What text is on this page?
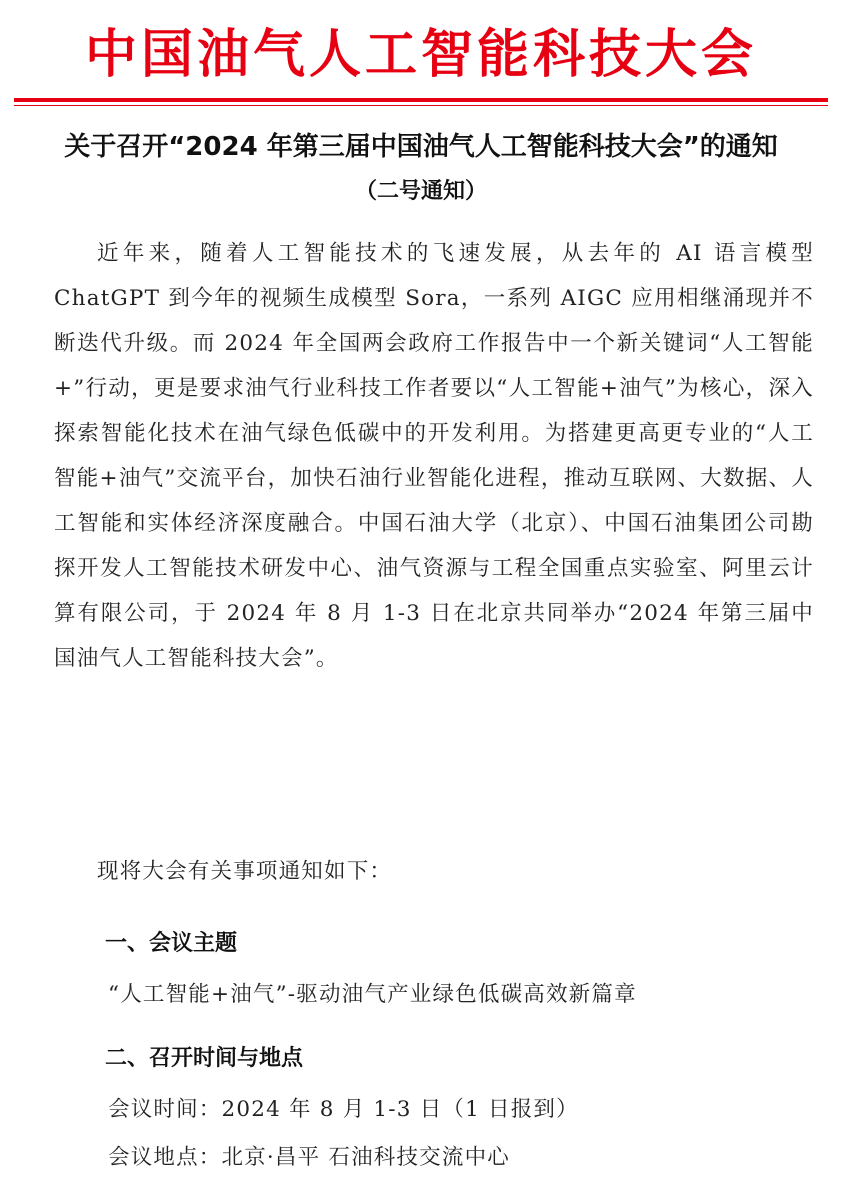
中国油气人工智能科技大会
关于召开“2024 年第三届中国油气人工智能科技大会”的通知
（二号通知）

近年来，随着人工智能技术的飞速发展，从去年的 AI 语言模型 ChatGPT 到今年的视频生成模型 Sora，一系列 AIGC 应用相继涌现并不断迭代升级。而 2024 年全国两会政府工作报告中一个新关键词“人工智能+”行动，更是要求油气行业科技工作者要以“人工智能+油气”为核心，深入探索智能化技术在油气绿色低碳中的开发利用。为搭建更高更专业的“人工智能+油气”交流平台，加快石油行业智能化进程，推动互联网、大数据、人工智能和实体经济深度融合。中国石油大学（北京）、中国石油集团公司勘探开发人工智能技术研发中心、油气资源与工程全国重点实验室、阿里云计算有限公司，于 2024 年 8 月 1-3 日在北京共同举办“2024 年第三届中国油气人工智能科技大会”。

现将大会有关事项通知如下：

一、会议主题

“人工智能+油气”-驱动油气产业绿色低碳高效新篇章

二、召开时间与地点

会议时间：2024 年 8 月 1-3 日（1 日报到）

会议地点：北京·昌平 石油科技交流中心
